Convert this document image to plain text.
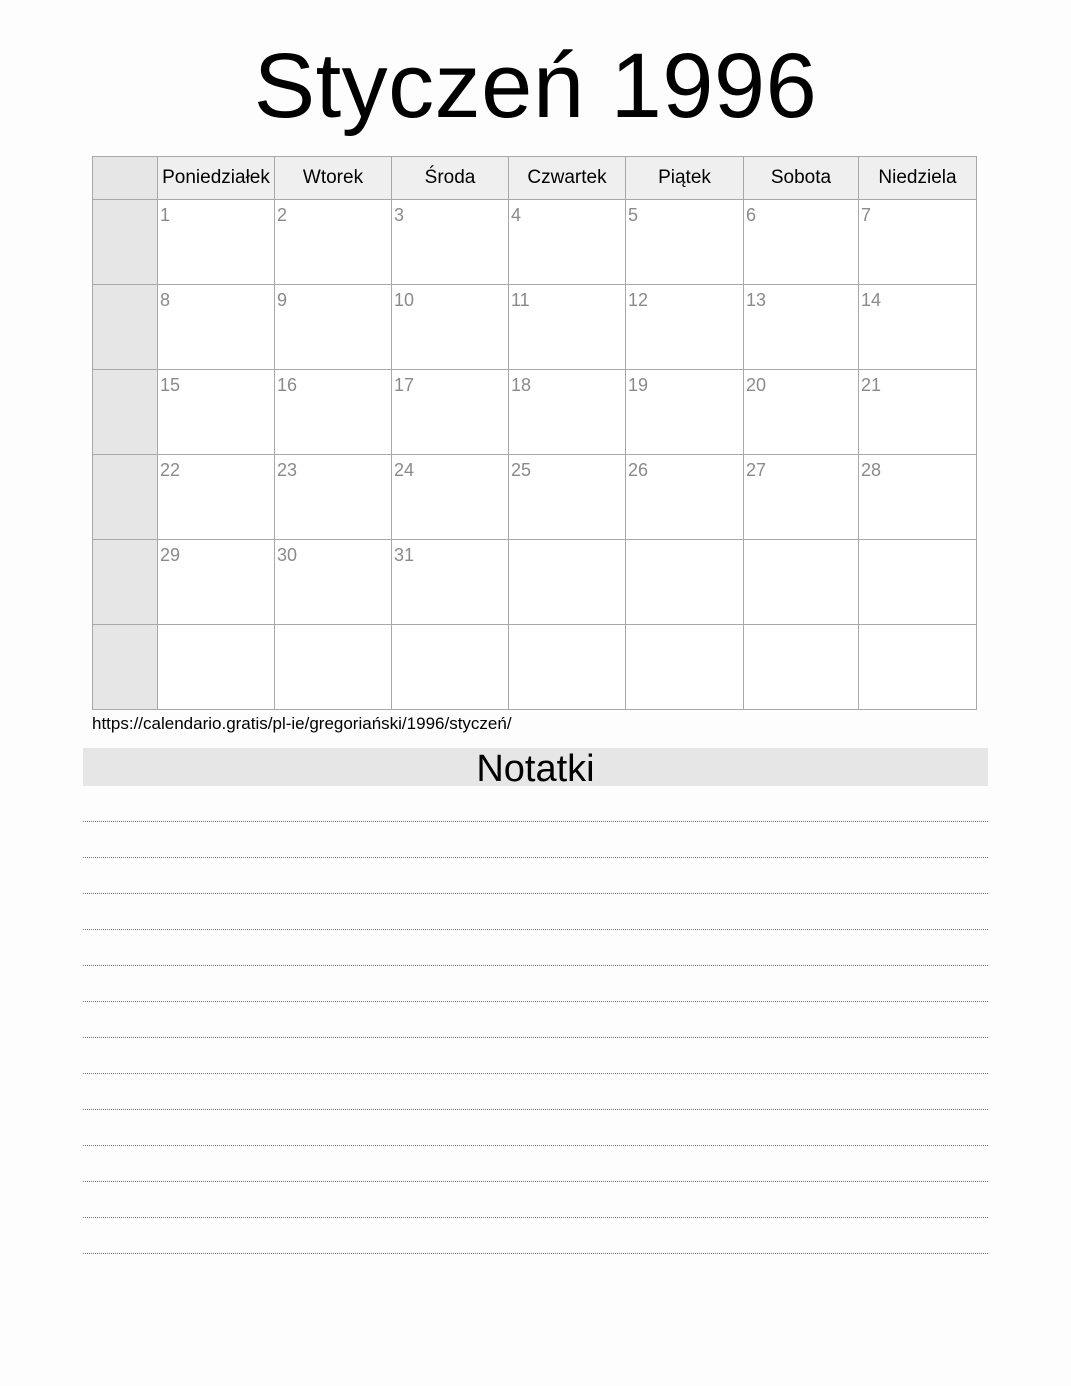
Styczeń 1996
	Poniedziałek	Wtorek	Środa	Czwartek	Piątek	Sobota	Niedziela

	1	2	3	4	5	6	7

	8	9	10	11	12	13	14

	15	16	17	18	19	20	21

	22	23	24	25	26	27	28

	29	30	31				

https://calendario.gratis/pl-ie/gregoriański/1996/styczeń/
Notatki
